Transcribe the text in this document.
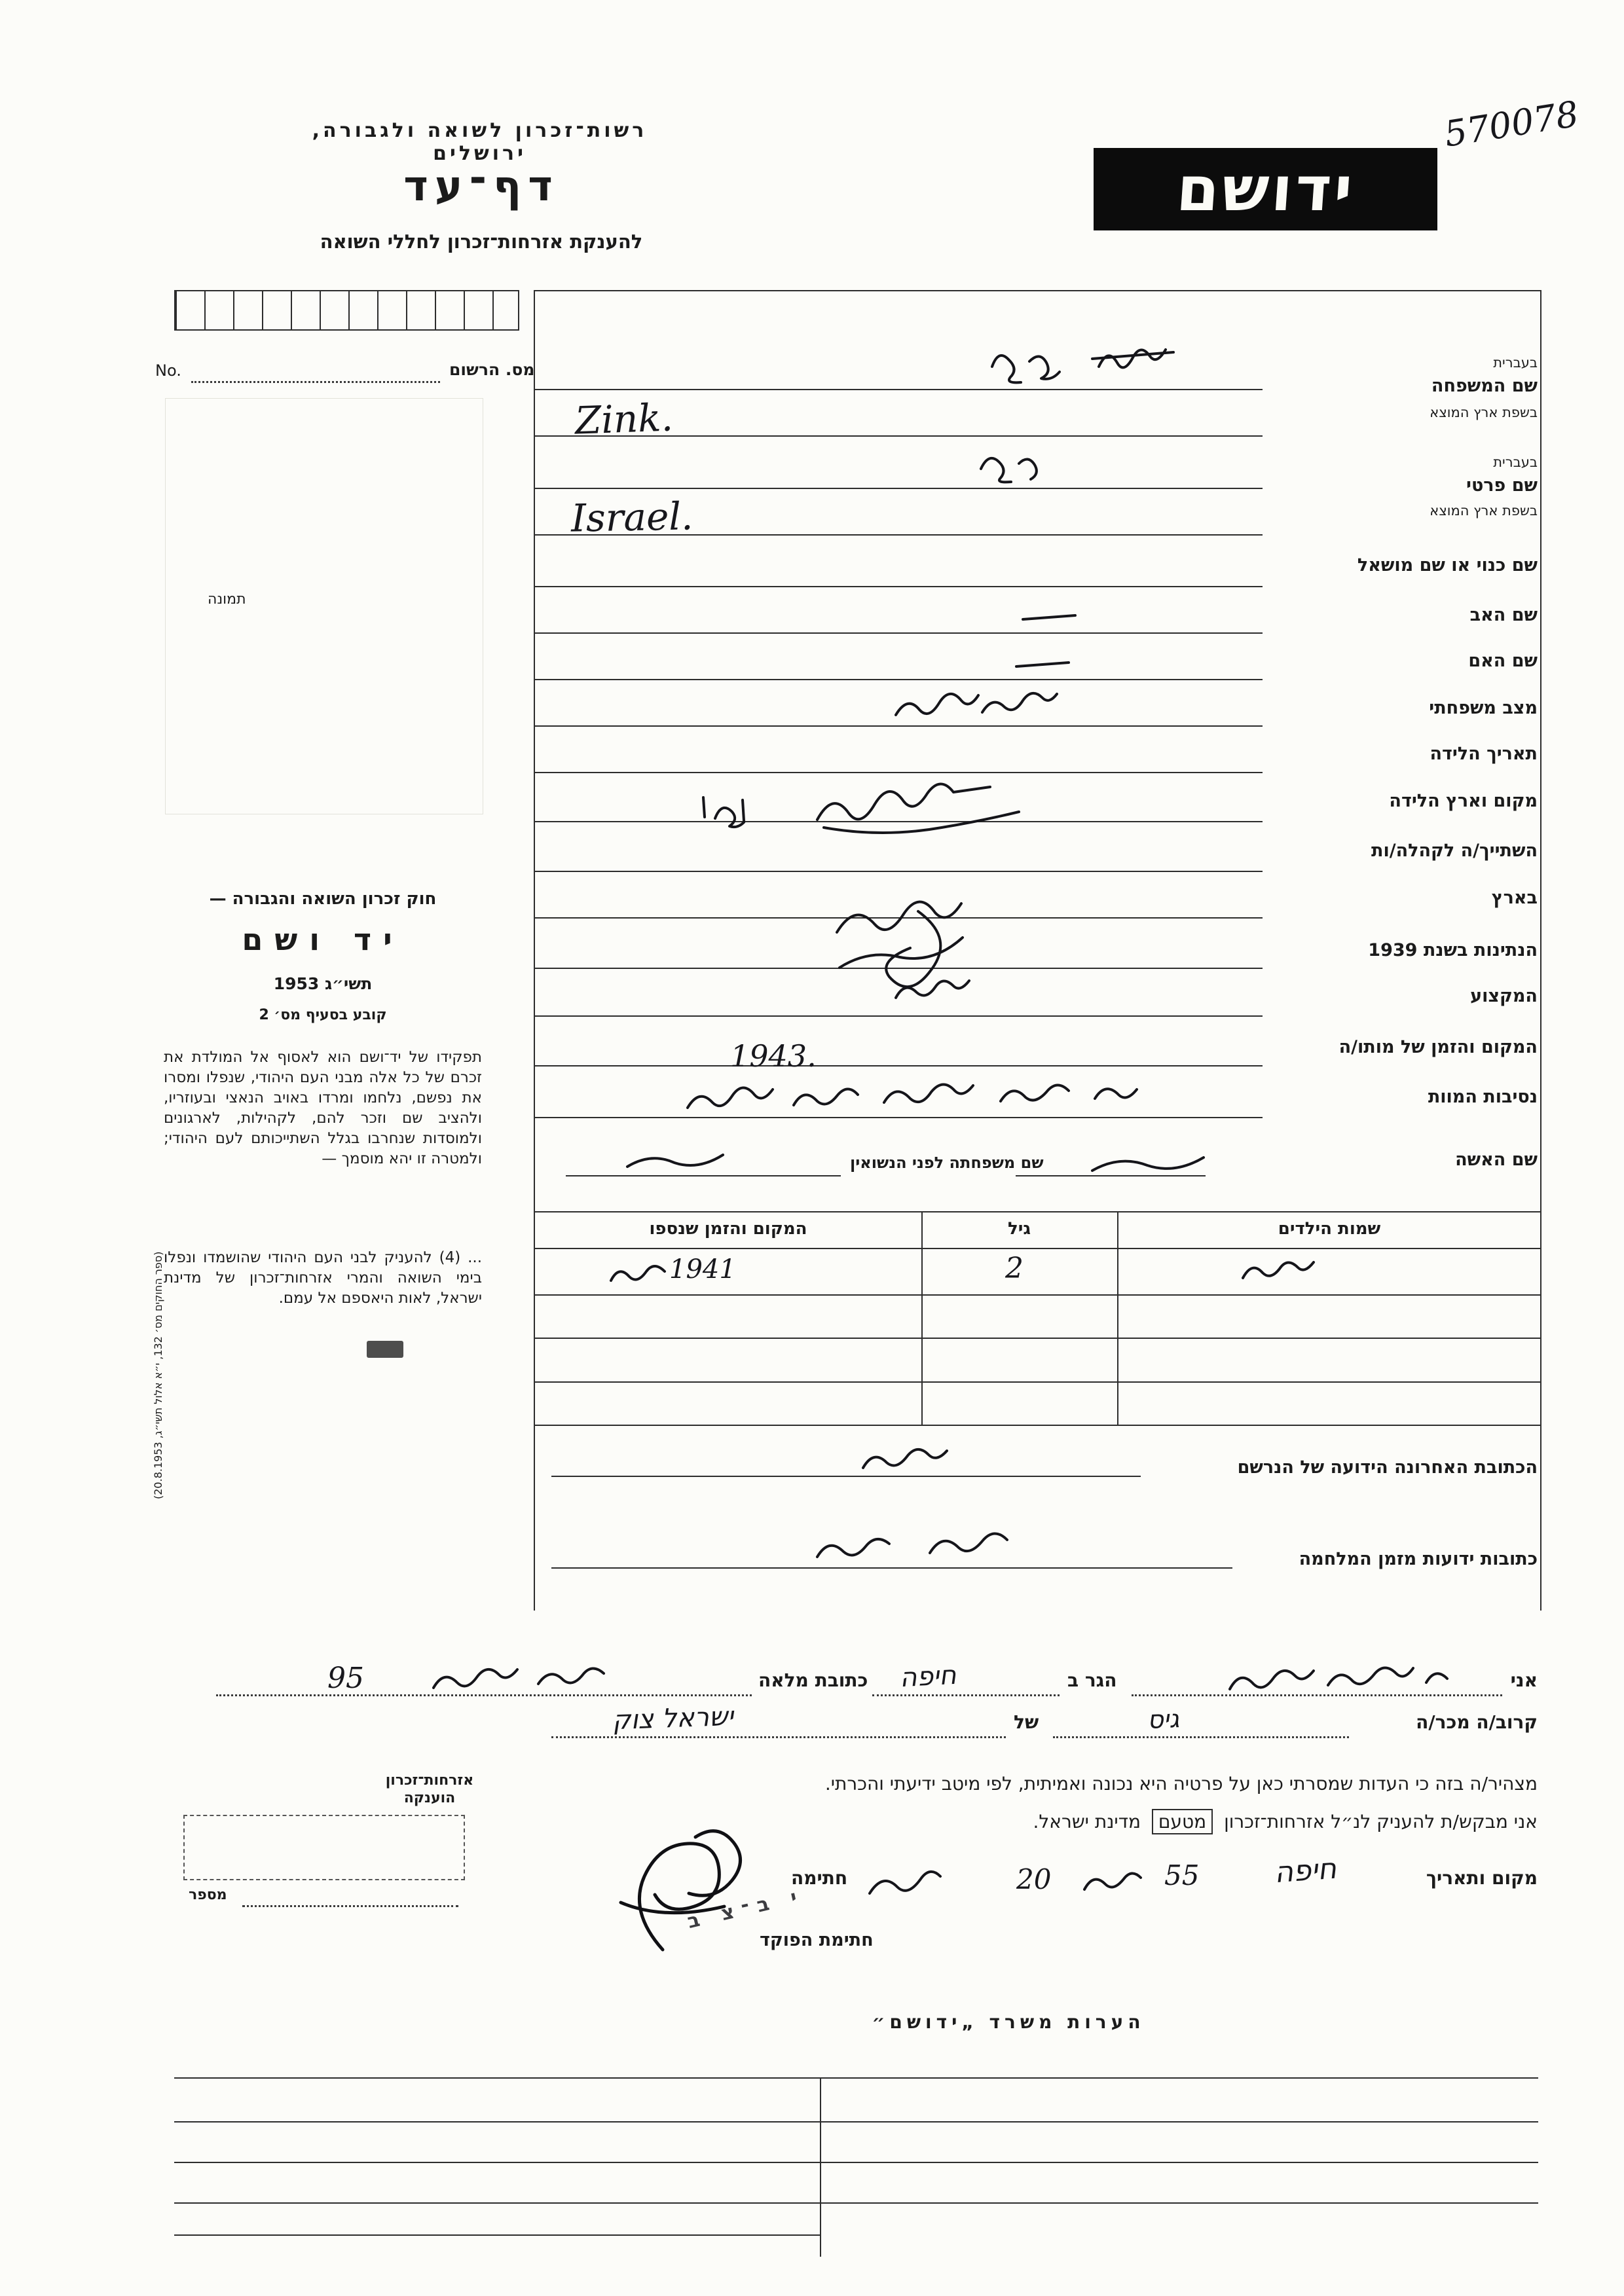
רשות־זכרון לשואה ולגבורה, ירושלים
דף־עד
להענקת אזרחות־זכרון לחללי השואה
ידושם
570078
No.	מס. הרשום
תמונה
בעברית
שם המשפחה
בשפת ארץ המוצא
בעברית
שם פרטי
בשפת ארץ המוצא
שם כנוי או שם מושאל
שם האב
שם האם
מצב משפחתי
תאריך הלידה
מקום וארץ הלידה
השתייך/ה לקהלה/ות
בארץ
הנתינות בשנת 1939
המקצוע
המקום והזמן של מותו/ה
נסיבות המוות
שם האשה
שם משפחתה לפני הנשואין
שמות הילדים
גיל
המקום והזמן שנספו
הכתובת האחרונה הידועה של הנרשם
כתובות ידועות מזמן המלחמה
אני
הגר ב
כתובת מלאה
קרוב/ה מכר/ה
של
מצהיר/ה בזה כי העדות שמסרתי כאן על פרטיה היא נכונה ואמיתית, לפי מיטב ידיעתי והכרתי.
אני מבקש/ת להעניק לנ״ל אזרחות־זכרון מטעם מדינת ישראל.
מקום ותאריך
חתימה
חתימת הפוקד
י ב־צ ב
אזרחות־זכרון הוענקה
מספר
הערות משרד „ידושם״
חוק זכרון השואה והגבורה —
יד ושם
תשי״ג 1953
קובע בסעיף מס׳ 2
תפקידו של יד־ושם הוא לאסוף אל המולדת את זכרם של כל אלה מבני העם היהודי, שנפלו ומסרו את נפשם, נלחמו ומרדו באויב הנאצי ובעוזריו, ולהציב שם וזכר להם, לקהילות, לארגונים ולמוסדות שנחרבו בגלל השתייכותם לעם היהודי; ולמטרה זו יהא מוסמך —
... (4) להעניק לבני העם היהודי שהושמדו ונפלו בימי השואה והמרי אזרחות־זכרון של מדינת ישראל, לאות היאספם אל עמם.
(ספר החוקים מס׳ 132, י״א אלול תשי״ג, 20.8.1953)
Zink.
Israel.
1943.
2
1941
95	חיפה
גיס
ישראל צוק
חיפה
55
20
